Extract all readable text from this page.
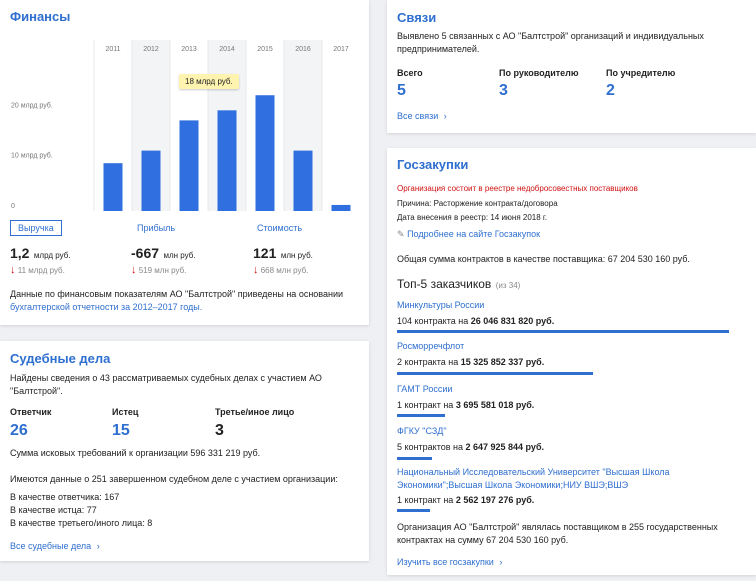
Финансы
2011	2012	2013	2014	2015	2016	2017
0
10 млрд руб.
20 млрд руб.
18 млрд руб.
Выручка	Прибыль	Стоимость
1,2 млрд руб.
↓ 11 млрд руб.
-667 млн руб.
↓ 519 млн руб.
121 млн руб.
↓ 668 млн руб.
Данные по финансовым показателям АО "Балтстрой" приведены на основании
бухгалтерской отчетности за 2012–2017 годы.
Связи
Выявлено 5 связанных с АО "Балтстрой" организаций и индивидуальных
предпринимателей.
Всего
5
По руководителю
3
По учредителю
2
Все связи ›
Судебные дела
Найдены сведения о 43 рассматриваемых судебных делах с участием АО
"Балтстрой".
Ответчик
26
Истец
15
Третье/иное лицо
3
Сумма исковых требований к организации 596 331 219 руб.
Имеются данные о 251 завершенном судебном деле с участием организации:
В качестве ответчика: 167
В качестве истца: 77
В качестве третьего/иного лица: 8
Все судебные дела ›
Госзакупки
Организация состоит в реестре недобросовестных поставщиков
Причина: Расторжение контракта/договора
Дата внесения в реестр: 14 июня 2018 г.
✎ Подробнее на сайте Госзакупок
Общая сумма контрактов в качестве поставщика: 67 204 530 160 руб.
Топ-5 заказчиков (из 34)
Минкультуры России
104 контракта на 26 046 831 820 руб.
Росморречфлот
2 контракта на 15 325 852 337 руб.
ГАМТ России
1 контракт на 3 695 581 018 руб.
ФГКУ "СЗД"
5 контрактов на 2 647 925 844 руб.
Национальный Исследовательский Университет "Высшая Школа
Экономики";Высшая Школа Экономики;НИУ ВШЭ;ВШЭ
1 контракт на 2 562 197 276 руб.
Организация АО "Балтстрой" являлась поставщиком в 255 государственных
контрактах на сумму 67 204 530 160 руб.
Изучить все госзакупки ›
